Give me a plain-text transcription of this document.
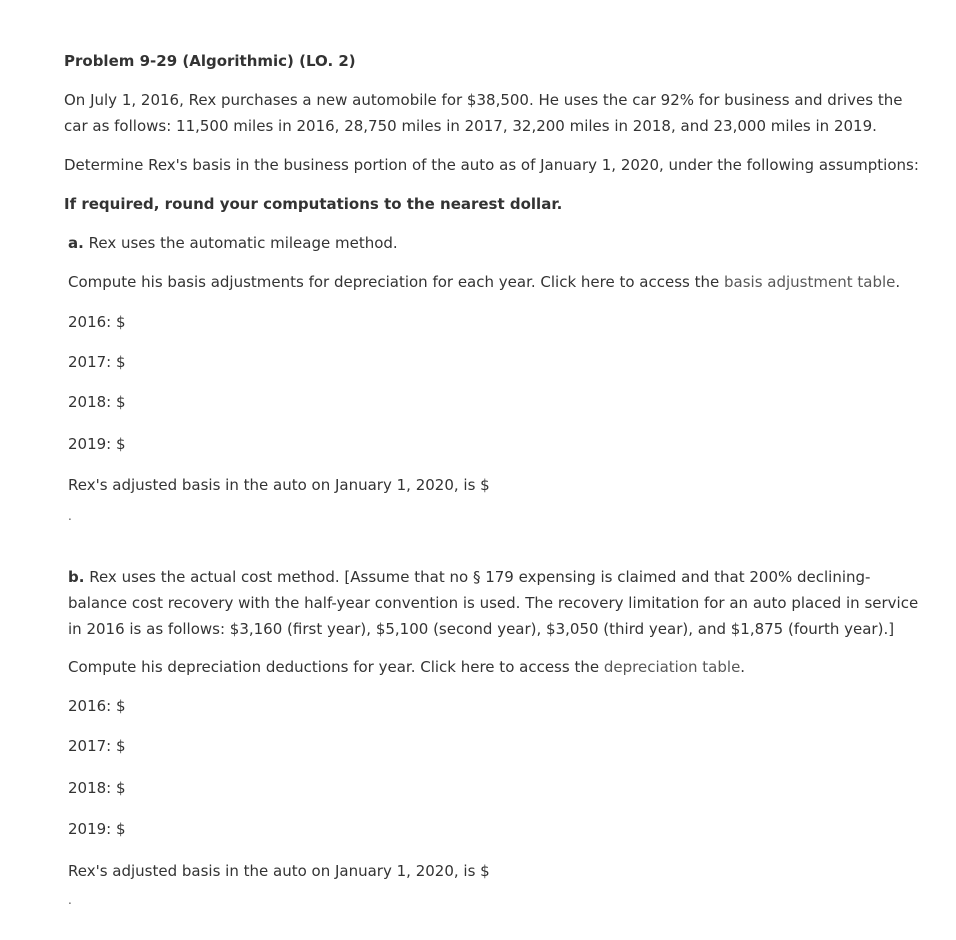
Problem 9-29 (Algorithmic) (LO. 2)
On July 1, 2016, Rex purchases a new automobile for $38,500. He uses the car 92% for business and drives the
car as follows: 11,500 miles in 2016, 28,750 miles in 2017, 32,200 miles in 2018, and 23,000 miles in 2019.
Determine Rex's basis in the business portion of the auto as of January 1, 2020, under the following assumptions:
If required, round your computations to the nearest dollar.
a. Rex uses the automatic mileage method.
Compute his basis adjustments for depreciation for each year. Click here to access the basis adjustment table.
2016: $
2017: $
2018: $
2019: $
Rex's adjusted basis in the auto on January 1, 2020, is $
.
b. Rex uses the actual cost method. [Assume that no § 179 expensing is claimed and that 200% declining-
balance cost recovery with the half-year convention is used. The recovery limitation for an auto placed in service
in 2016 is as follows: $3,160 (first year), $5,100 (second year), $3,050 (third year), and $1,875 (fourth year).]
Compute his depreciation deductions for year. Click here to access the depreciation table.
2016: $
2017: $
2018: $
2019: $
Rex's adjusted basis in the auto on January 1, 2020, is $
.
